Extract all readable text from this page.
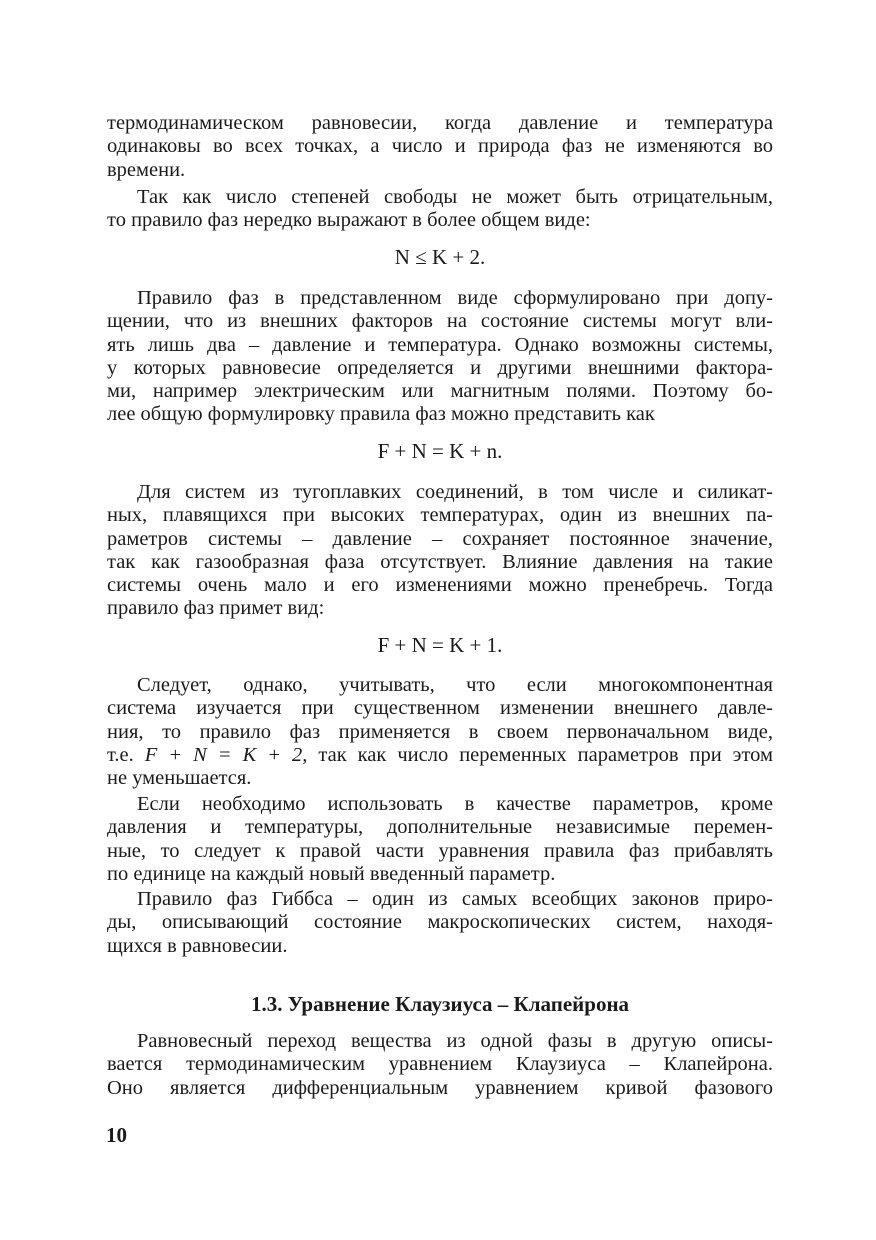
термодинамическом равновесии, когда давление и температура
одинаковы во всех точках, а число и природа фаз не изменяются во
времени.
Так как число степеней свободы не может быть отрицательным,
то правило фаз нередко выражают в более общем виде:
N ≤ K + 2.
Правило фаз в представленном виде сформулировано при допу-
щении, что из внешних факторов на состояние системы могут вли-
ять лишь два – давление и температура. Однако возможны системы,
у которых равновесие определяется и другими внешними фактора-
ми, например электрическим или магнитным полями. Поэтому бо-
лее общую формулировку правила фаз можно представить как
F + N = K + n.
Для систем из тугоплавких соединений, в том числе и силикат-
ных, плавящихся при высоких температурах, один из внешних па-
раметров системы – давление – сохраняет постоянное значение,
так как газообразная фаза отсутствует. Влияние давления на такие
системы очень мало и его изменениями можно пренебречь. Тогда
правило фаз примет вид:
F + N = K + 1.
Следует, однако, учитывать, что если многокомпонентная
система изучается при существенном изменении внешнего давле-
ния, то правило фаз применяется в своем первоначальном виде,
т.е. F + N = K + 2, так как число переменных параметров при этом
не уменьшается.
Если необходимо использовать в качестве параметров, кроме
давления и температуры, дополнительные независимые перемен-
ные, то следует к правой части уравнения правила фаз прибавлять
по единице на каждый новый введенный параметр.
Правило фаз Гиббса – один из самых всеобщих законов приро-
ды, описывающий состояние макроскопических систем, находя-
щихся в равновесии.
1.3. Уравнение Клаузиуса – Клапейрона
Равновесный переход вещества из одной фазы в другую описы-
вается термодинамическим уравнением Клаузиуса – Клапейрона.
Оно является дифференциальным уравнением кривой фазового
10
